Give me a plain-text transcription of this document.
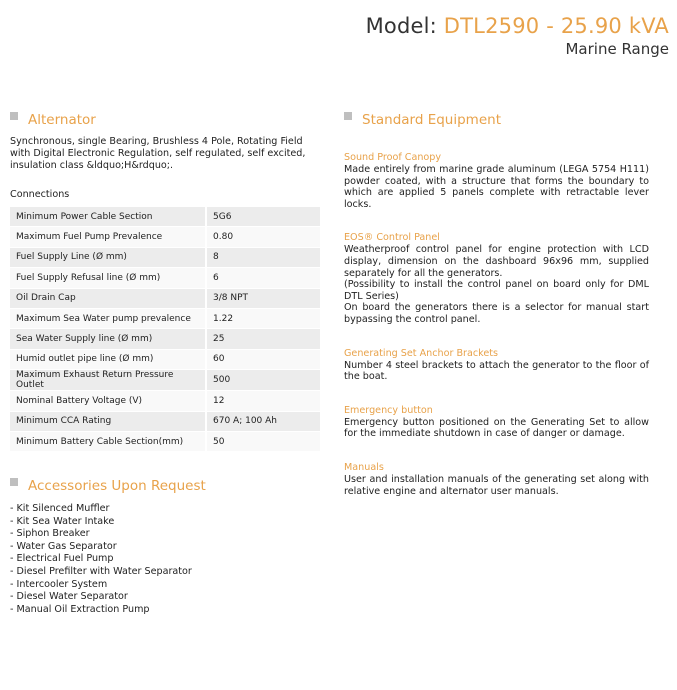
Model: DTL2590 - 25.90 kVA
Marine Range
Alternator
Synchronous, single Bearing, Brushless 4 Pole, Rotating Field with Digital Electronic Regulation, self regulated, self excited, insulation class &ldquo;H&rdquo;.
Connections
Minimum Power Cable Section	5G6
Maximum Fuel Pump Prevalence	0.80
Fuel Supply Line (Ø mm)	8
Fuel Supply Refusal line (Ø mm)	6
Oil Drain Cap	3/8 NPT
Maximum Sea Water pump prevalence	1.22
Sea Water Supply line (Ø mm)	25
Humid outlet pipe line (Ø mm)	60
Maximum Exhaust Return Pressure Outlet	500
Nominal Battery Voltage (V)	12
Minimum CCA Rating	670 A; 100 Ah
Minimum Battery Cable Section(mm)	50
Accessories Upon Request
- Kit Silenced Muffler
- Kit Sea Water Intake
- Siphon Breaker
- Water Gas Separator
- Electrical Fuel Pump
- Diesel Prefilter with Water Separator
- Intercooler System
- Diesel Water Separator
- Manual Oil Extraction Pump
Standard Equipment
Sound Proof Canopy
Made entirely from marine grade aluminum (LEGA 5754 H111) powder coated, with a structure that forms the boundary to which are applied 5 panels complete with retractable lever locks.
EOS® Control Panel
Weatherproof control panel for engine protection with LCD display, dimension on the dashboard 96x96 mm, supplied separately for all the generators.
(Possibility to install the control panel on board only for DML DTL Series)
On board the generators there is a selector for manual start bypassing the control panel.
Generating Set Anchor Brackets
Number 4 steel brackets to attach the generator to the floor of the boat.
Emergency button
Emergency button positioned on the Generating Set to allow for the immediate shutdown in case of danger or damage.
Manuals
User and installation manuals of the generating set along with relative engine and alternator user manuals.
